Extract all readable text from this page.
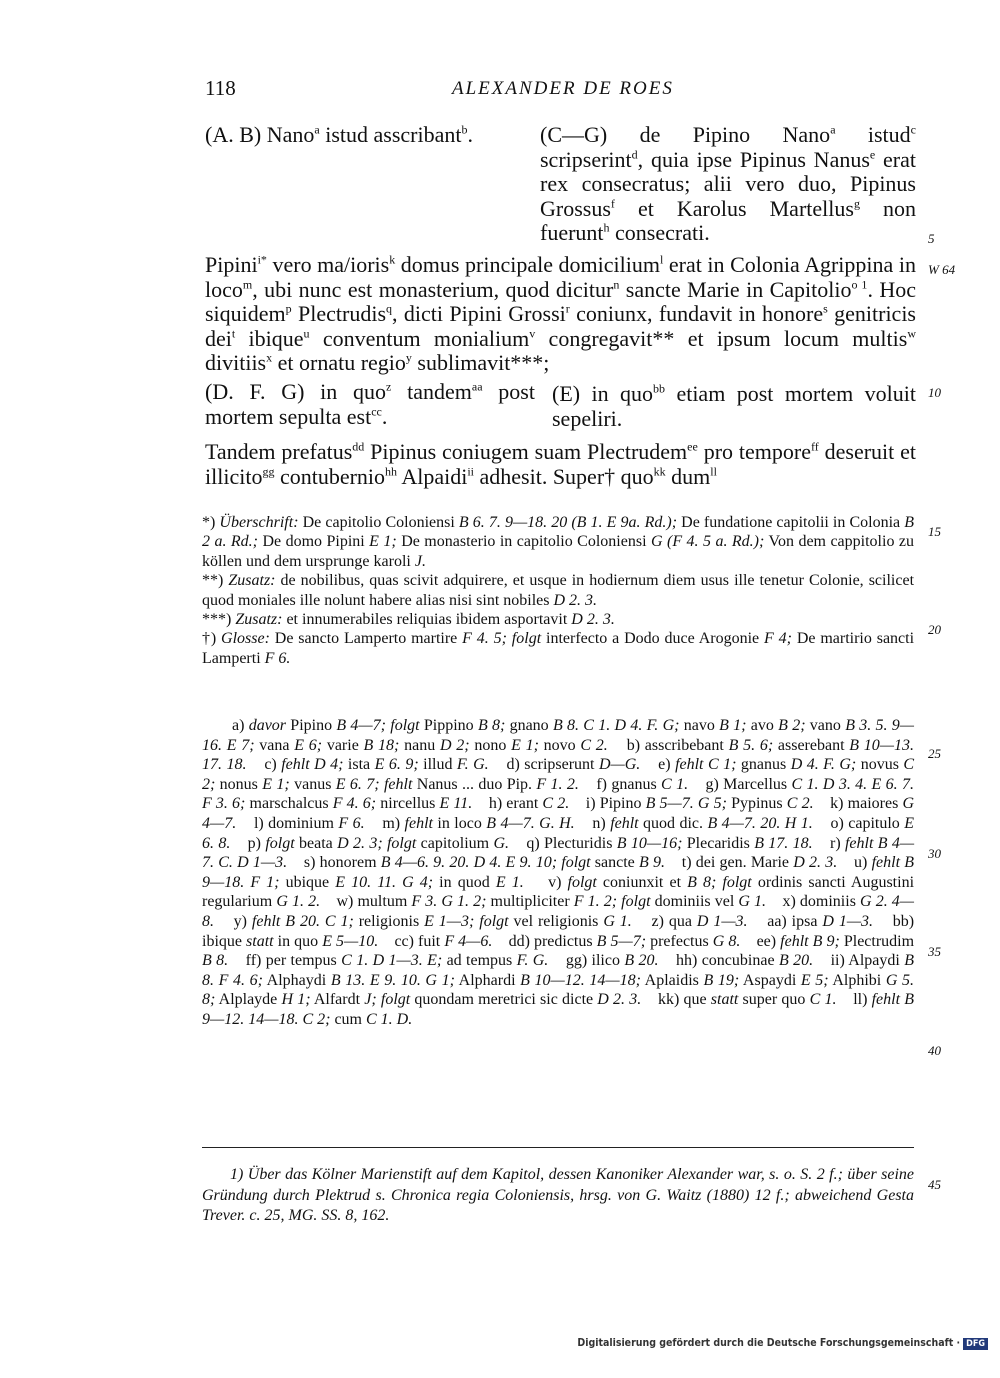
118	ALEXANDER DE ROES
(A. B) Nano$^a$ istud asscribant$^b$.	(C—G) de Pipino Nano$^a$ istud$^c$ scripserint$^d$, quia ipse Pipinus Nanus$^e$ erat rex consecratus; alii vero duo, Pipinus Grossus$^f$ et Karolus Martellus$^g$ non fuerunt$^h$ consecrati.	5
Pipini$^{i*}$ vero ma/ioris$^k$ domus principale domicilium$^l$ erat in Colonia Agrippina in loco$^m$, ubi nunc est monasterium, quod dicitur$^n$ sancte Marie in Capitolio$^{o 1}$. Hoc siquidem$^p$ Plectrudis$^q$, dicti Pipini Grossi$^r$ coniunx, fundavit in honore$^s$ genitricis dei$^t$ ibique$^u$ conventum monialium$^v$ congregavit** et ipsum locum multis$^w$ divitiis$^x$ et ornatu regio$^y$ sublimavit***;
W 64
10
(D. F. G) in quo$^z$ tandem$^{aa}$ post mortem sepulta est$^{cc}$.
(E) in quo$^{bb}$ etiam post mortem voluit sepeliri.
Tandem prefatus$^{dd}$ Pipinus coniugem suam Plectrudem$^{ee}$ pro tempore$^{ff}$ deseruit et illicito$^{gg}$ contubernio$^{hh}$ Alpaidi$^{ii}$ adhesit. Super† quo$^{kk}$ dum$^{ll}$

*) Überschrift: De capitolio Coloniensi B 6. 7. 9—18. 20 (B 1. E 9a. Rd.); De fundatione capitolii in Colonia B 2 a. Rd.; De domo Pipini E 1; De monasterio in capitolio Coloniensi G (F 4. 5 a. Rd.); Von dem cappitolio zu köllen und dem ursprunge karoli J.

**) Zusatz: de nobilibus, quas scivit adquirere, et usque in hodiernum diem usus ille tenetur Colonie, scilicet quod moniales ille nolunt habere alias nisi sint nobiles D 2. 3.

***) Zusatz: et innumerabiles reliquias ibidem asportavit D 2. 3.

†) Glosse: De sancto Lamperto martire F 4. 5; folgt interfecto a Dodo duce Arogonie F 4; De martirio sancti Lamperti F 6.

15
20
a) davor Pipino B 4—7; folgt Pippino B 8; gnano B 8. C 1. D 4. F. G; navo B 1; avo B 2; vano B 3. 5. 9—16. E 7; vana E 6; varie B 18; nanu D 2; nono E 1; novo C 2.    b) asscribebant B 5. 6; asserebant B 10—13. 17. 18.    c) fehlt D 4; ista E 6. 9; illud F. G.    d) scripserunt D—G.    e) fehlt C 1; gnanus D 4. F. G; novus C 2; nonus E 1; vanus E 6. 7; fehlt Nanus ... duo Pip. F 1. 2.    f) gnanus C 1.    g) Marcellus C 1. D 3. 4. E 6. 7. F 3. 6; marschalcus F 4. 6; nircellus E 11.    h) erant C 2.    i) Pipino B 5—7. G 5; Pypinus C 2.    k) maiores G 4—7.    l) dominium F 6.    m) fehlt in loco B 4—7. G. H.    n) fehlt quod dic. B 4—7. 20. H 1.    o) capitulo E 6. 8.    p) folgt beata D 2. 3; folgt capitolium G.    q) Plecturidis B 10—16; Plecaridis B 17. 18.    r) fehlt B 4—7. C. D 1—3.    s) honorem B 4—6. 9. 20. D 4. E 9. 10; folgt sancte B 9.    t) dei gen. Marie D 2. 3.    u) fehlt B 9—18. F 1; ubique E 10. 11. G 4; in quod E 1.    v) folgt coniunxit et B 8; folgt ordinis sancti Augustini regularium G 1. 2.    w) multum F 3. G 1. 2; multipliciter F 1. 2; folgt dominiis vel G 1.    x) dominiis G 2. 4—8.    y) fehlt B 20. C 1; religionis E 1—3; folgt vel religionis G 1.    z) qua D 1—3.    aa) ipsa D 1—3.    bb) ibique statt in quo E 5—10.    cc) fuit F 4—6.    dd) predictus B 5—7; prefectus G 8.    ee) fehlt B 9; Plectrudim B 8.    ff) per tempus C 1. D 1—3. E; ad tempus F. G.    gg) ilico B 20.    hh) concubinae B 20.    ii) Alpaydi B 8. F 4. 6; Alphaydi B 13. E 9. 10. G 1; Alphardi B 10—12. 14—18; Aplaidis B 19; Aspaydi E 5; Alphibi G 5. 8; Alplayde H 1; Alfardt J; folgt quondam meretrici sic dicte D 2. 3.    kk) que statt super quo C 1.    ll) fehlt B 9—12. 14—18. C 2; cum C 1. D.
25
30
35
40
1) Über das Kölner Marienstift auf dem Kapitol, dessen Kanoniker Alexander war, s. o. S. 2 f.; über seine Gründung durch Plektrud s. Chronica regia Coloniensis, hrsg. von G. Waitz (1880) 12 f.; abweichend Gesta Trever. c. 25, MG. SS. 8, 162.
45
Digitalisierung gefördert durch die Deutsche Forschungsgemeinschaft · DFG
